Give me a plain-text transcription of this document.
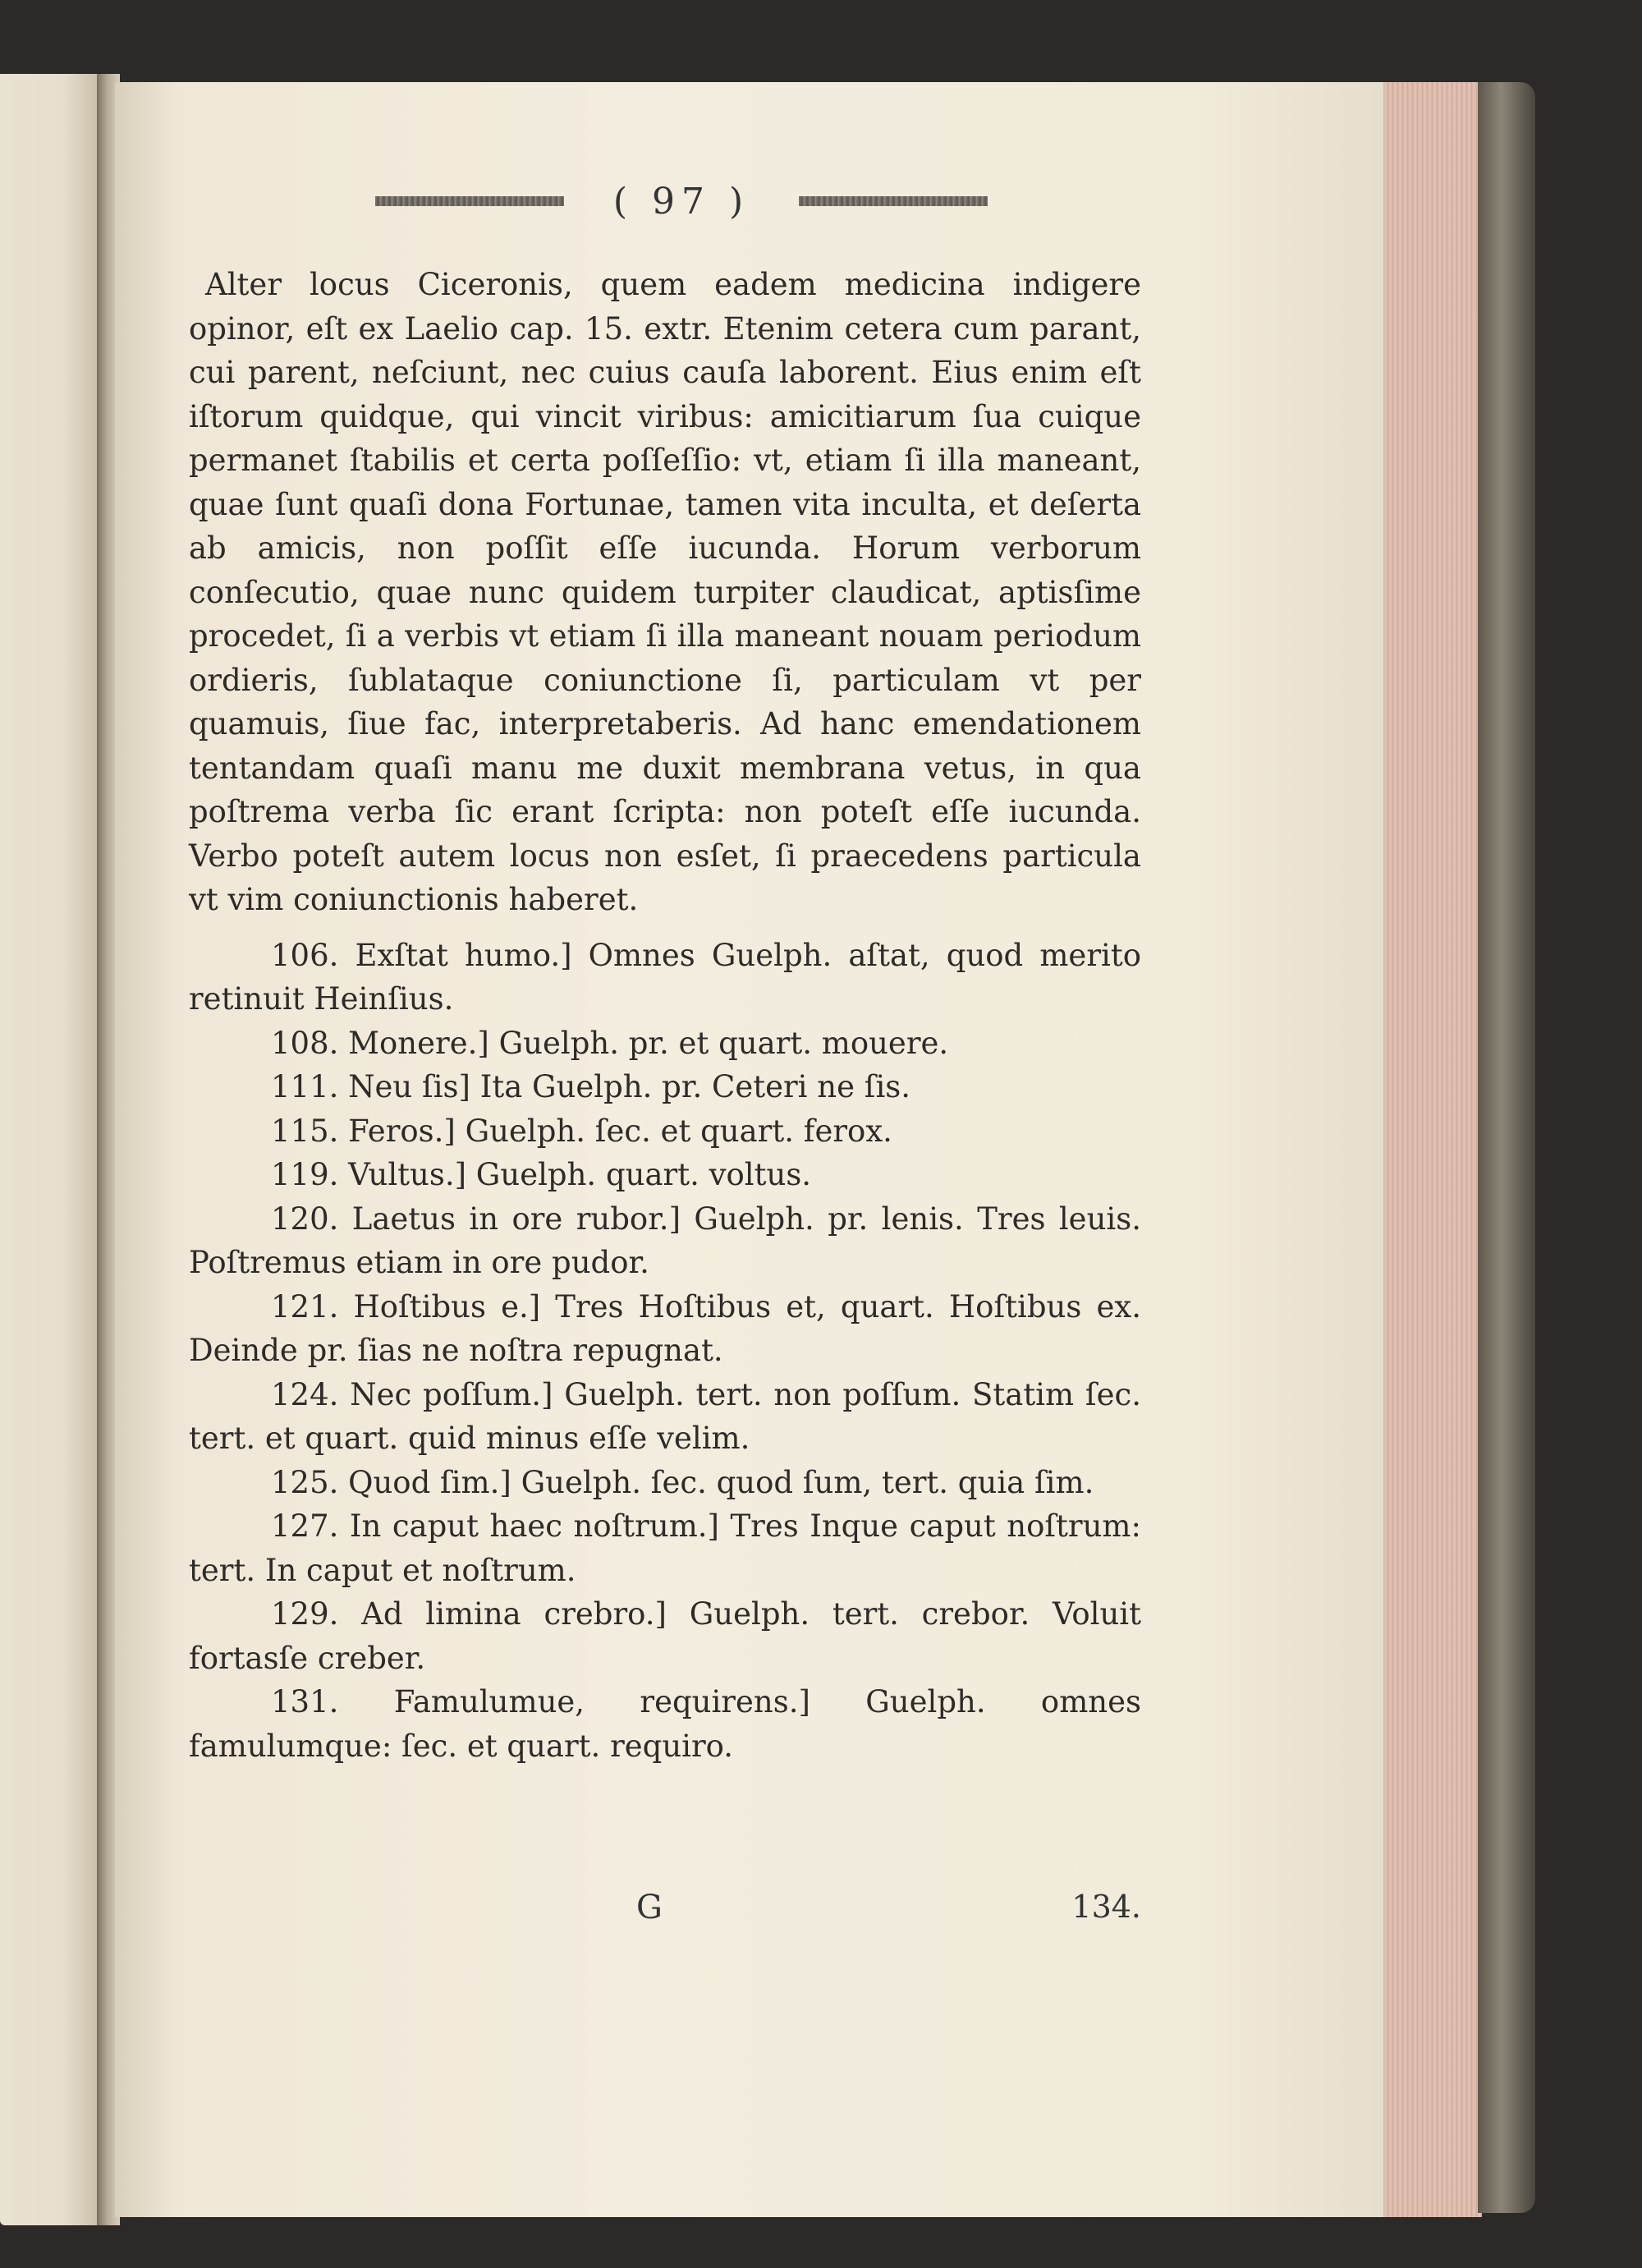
( 97 )

Alter locus Ciceronis, quem eadem medicina indigere opinor, eſt ex Laelio cap. 15. extr. Etenim cetera cum parant, cui parent, neſciunt, nec cuius cauſa laborent. Eius enim eſt iſtorum quidque, qui vincit viribus: amicitiarum ſua cuique permanet ſtabilis et certa poſſeſſio: vt, etiam ſi illa maneant, quae ſunt quaſi dona Fortunae, tamen vita inculta, et deſerta ab amicis, non poſſit eſſe iucunda. Horum verborum conſecutio, quae nunc quidem turpiter claudicat, aptisſime procedet, ſi a verbis vt etiam ſi illa maneant nouam periodum ordieris, ſublataque coniunctione ſi, particulam vt per quamuis, ſiue fac, interpretaberis. Ad hanc emendationem tentandam quaſi manu me duxit membrana vetus, in qua poſtrema verba ſic erant ſcripta: non poteſt eſſe iucunda. Verbo poteſt autem locus non esſet, ſi praecedens particula vt vim coniunctionis haberet.

106. Exſtat humo.] Omnes Guelph. aſtat, quod merito retinuit Heinſius.

108. Monere.] Guelph. pr. et quart. mouere.

111. Neu ſis] Ita Guelph. pr. Ceteri ne ſis.

115. Feros.] Guelph. ſec. et quart. ferox.

119. Vultus.] Guelph. quart. voltus.

120. Laetus in ore rubor.] Guelph. pr. lenis. Tres leuis. Poſtremus etiam in ore pudor.

121. Hoſtibus e.] Tres Hoſtibus et, quart. Hoſtibus ex. Deinde pr. ſias ne noſtra repugnat.

124. Nec poſſum.] Guelph. tert. non poſſum. Statim ſec. tert. et quart. quid minus eſſe velim.

125. Quod ſim.] Guelph. ſec. quod ſum, tert. quia ſim.

127. In caput haec noſtrum.] Tres Inque caput noſtrum: tert. In caput et noſtrum.

129. Ad limina crebro.] Guelph. tert. crebor. Voluit fortasſe creber.

131. Famulumue, requirens.] Guelph. omnes famulumque: ſec. et quart. requiro.

G	134.
